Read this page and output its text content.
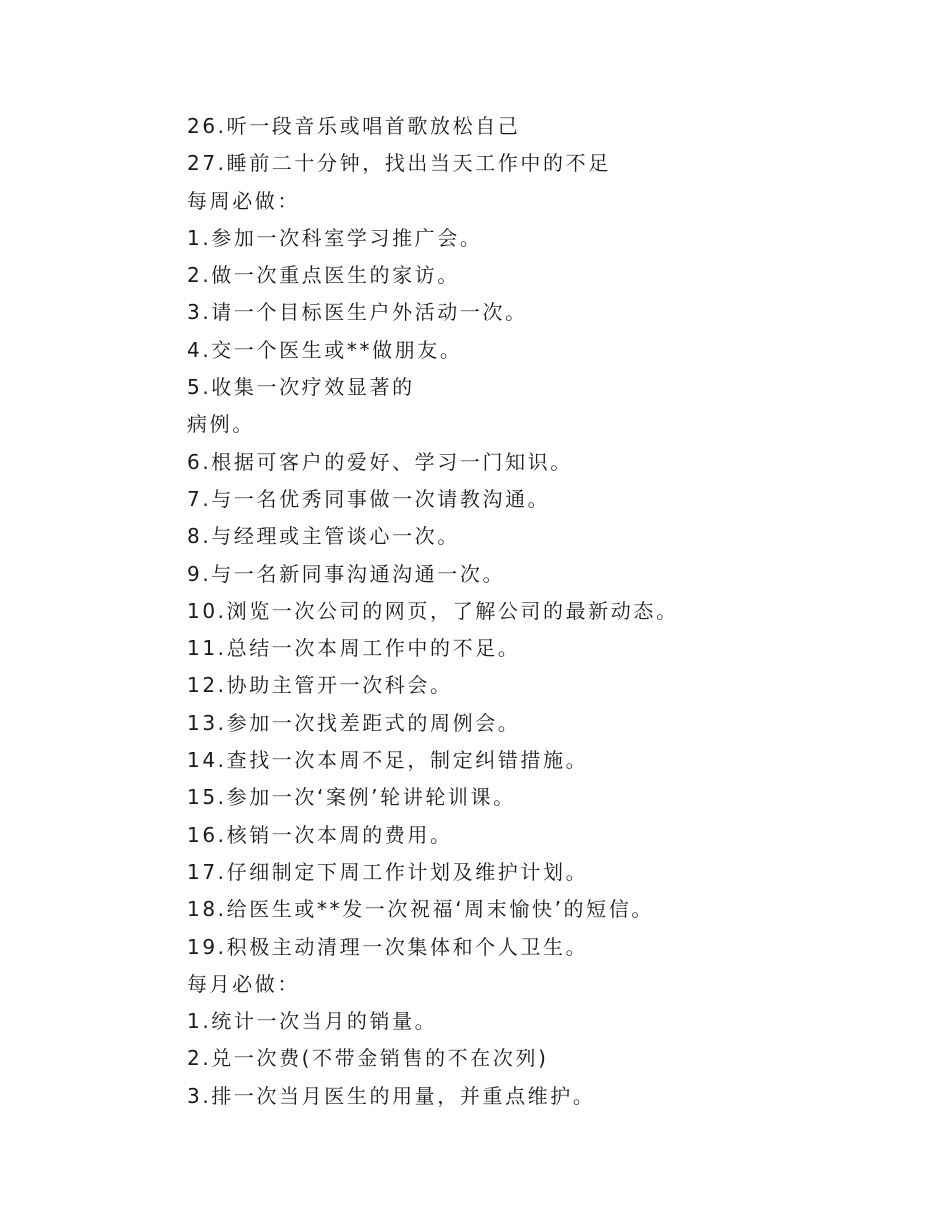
26.听一段音乐或唱首歌放松自己
27.睡前二十分钟，找出当天工作中的不足
每周必做：
1.参加一次科室学习推广会。
2.做一次重点医生的家访。
3.请一个目标医生户外活动一次。
4.交一个医生或**做朋友。
5.收集一次疗效显著的
病例。
6.根据可客户的爱好、学习一门知识。
7.与一名优秀同事做一次请教沟通。
8.与经理或主管谈心一次。
9.与一名新同事沟通沟通一次。
10.浏览一次公司的网页，了解公司的最新动态。
11.总结一次本周工作中的不足。
12.协助主管开一次科会。
13.参加一次找差距式的周例会。
14.查找一次本周不足，制定纠错措施。
15.参加一次‘案例’轮讲轮训课。
16.核销一次本周的费用。
17.仔细制定下周工作计划及维护计划。
18.给医生或**发一次祝福‘周末愉快’的短信。
19.积极主动清理一次集体和个人卫生。
每月必做：
1.统计一次当月的销量。
2.兑一次费(不带金销售的不在次列)
3.排一次当月医生的用量，并重点维护。
